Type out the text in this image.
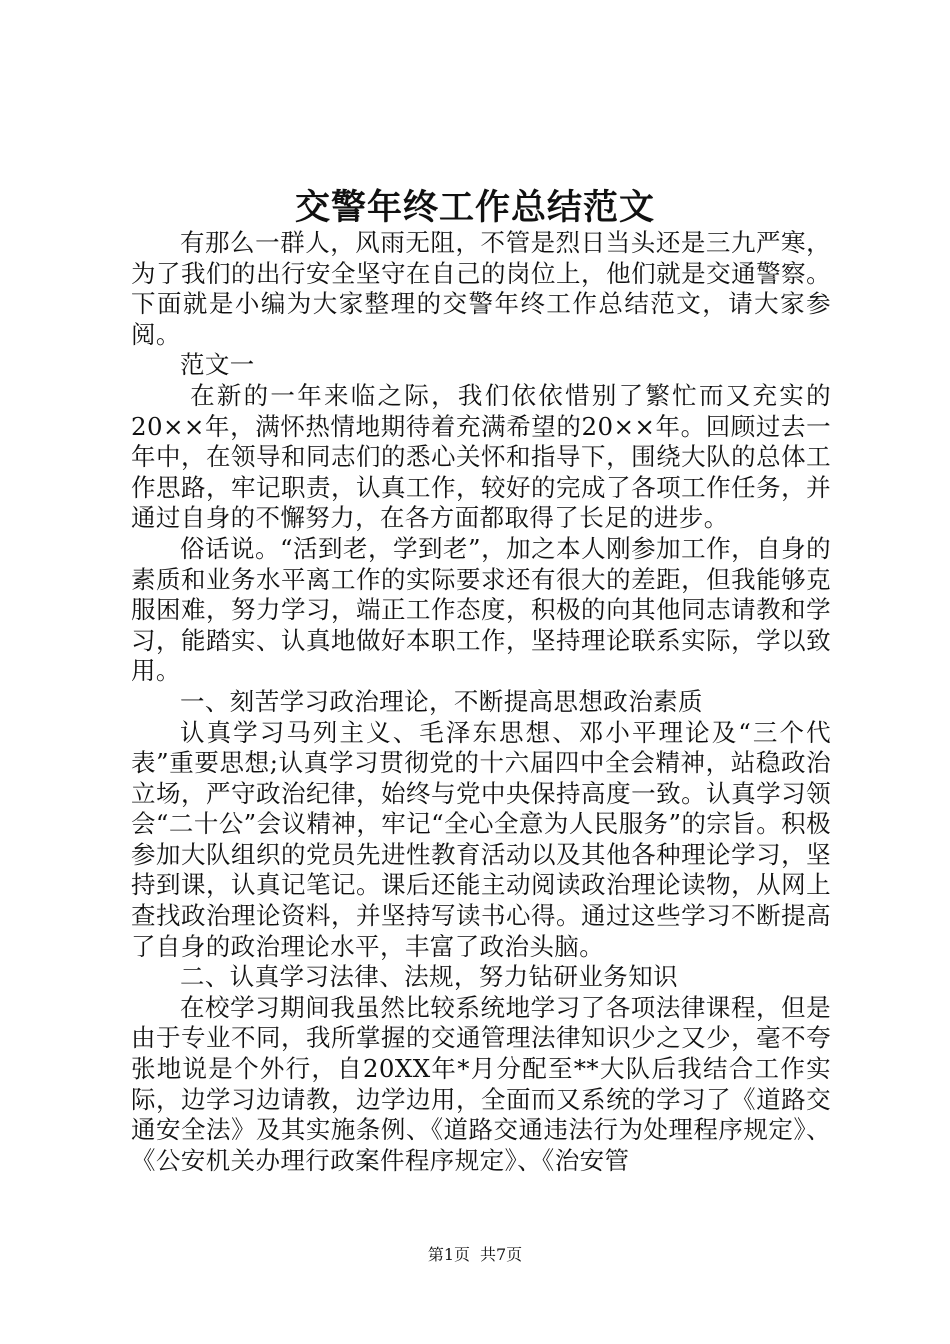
交警年终工作总结范文

有那么一群人，风雨无阻，不管是烈日当头还是三九严寒，为了我们的出行安全坚守在自己的岗位上，他们就是交通警察。下面就是小编为大家整理的交警年终工作总结范文，请大家参阅。

范文一

在新的一年来临之际，我们依依惜别了繁忙而又充实的20××年，满怀热情地期待着充满希望的20××年。回顾过去一年中，在领导和同志们的悉心关怀和指导下，围绕大队的总体工作思路，牢记职责，认真工作，较好的完成了各项工作任务，并通过自身的不懈努力，在各方面都取得了长足的进步。

俗话说。“活到老，学到老”，加之本人刚参加工作，自身的素质和业务水平离工作的实际要求还有很大的差距，但我能够克服困难，努力学习，端正工作态度，积极的向其他同志请教和学习，能踏实、认真地做好本职工作，坚持理论联系实际，学以致用。

一、刻苦学习政治理论，不断提高思想政治素质

认真学习马列主义、毛泽东思想、邓小平理论及“三个代表”重要思想;认真学习贯彻党的十六届四中全会精神，站稳政治立场，严守政治纪律，始终与党中央保持高度一致。认真学习领会“二十公”会议精神，牢记“全心全意为人民服务”的宗旨。积极参加大队组织的党员先进性教育活动以及其他各种理论学习，坚持到课，认真记笔记。课后还能主动阅读政治理论读物，从网上查找政治理论资料，并坚持写读书心得。通过这些学习不断提高了自身的政治理论水平，丰富了政治头脑。

二、认真学习法律、法规，努力钻研业务知识

在校学习期间我虽然比较系统地学习了各项法律课程，但是由于专业不同，我所掌握的交通管理法律知识少之又少，毫不夸张地说是个外行，自20XX年*月分配至**大队后我结合工作实际，边学习边请教，边学边用，全面而又系统的学习了《道路交通安全法》及其实施条例、《道路交通违法行为处理程序规定》、《公安机关办理行政案件程序规定》、《治安管

第1页 共7页
